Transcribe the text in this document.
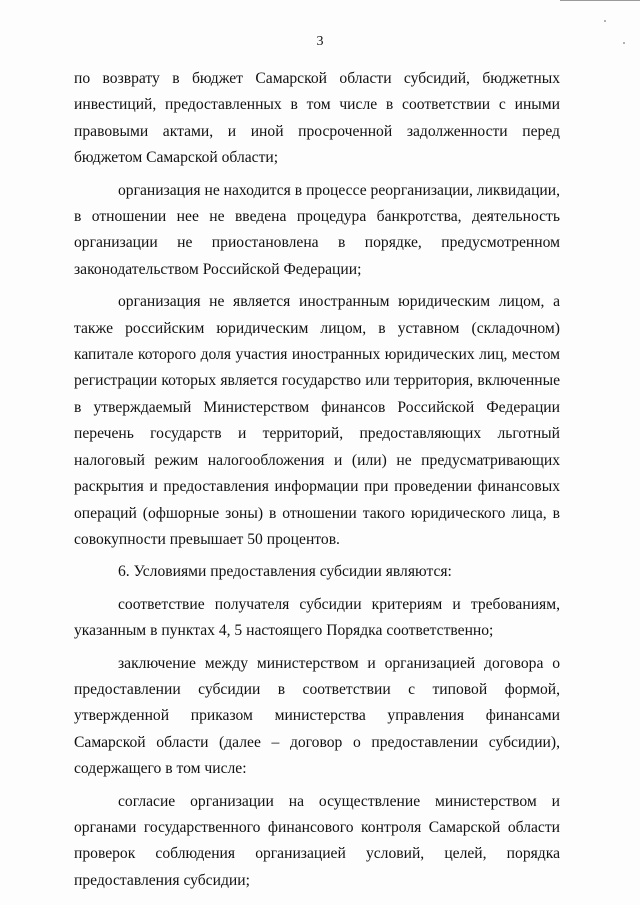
3

по возврату в бюджет Самарской области субсидий, бюджетных инвестиций, предоставленных в том числе в соответствии с иными правовыми актами, и иной просроченной задолженности перед бюджетом Самарской области;

организация не находится в процессе реорганизации, ликвидации, в отношении нее не введена процедура банкротства, деятельность организации не приостановлена в порядке, предусмотренном законодательством Российской Федерации;

организация не является иностранным юридическим лицом, а также российским юридическим лицом, в уставном (складочном) капитале которого доля участия иностранных юридических лиц, местом регистрации которых является государство или территория, включенные в утверждаемый Министерством финансов Российской Федерации перечень государств и территорий, предоставляющих льготный налоговый режим налогообложения и (или) не предусматривающих раскрытия и предоставления информации при проведении финансовых операций (офшорные зоны) в отношении такого юридического лица, в совокупности превышает 50 процентов.

6. Условиями предоставления субсидии являются:

соответствие получателя субсидии критериям и требованиям, указанным в пунктах 4, 5 настоящего Порядка соответственно;

заключение между министерством и организацией договора о предоставлении субсидии в соответствии с типовой формой, утвержденной приказом министерства управления финансами Самарской области (далее – договор о предоставлении субсидии), содержащего в том числе:

согласие организации на осуществление министерством и органами государственного финансового контроля Самарской области проверок соблюдения организацией условий, целей, порядка предоставления субсидии;
